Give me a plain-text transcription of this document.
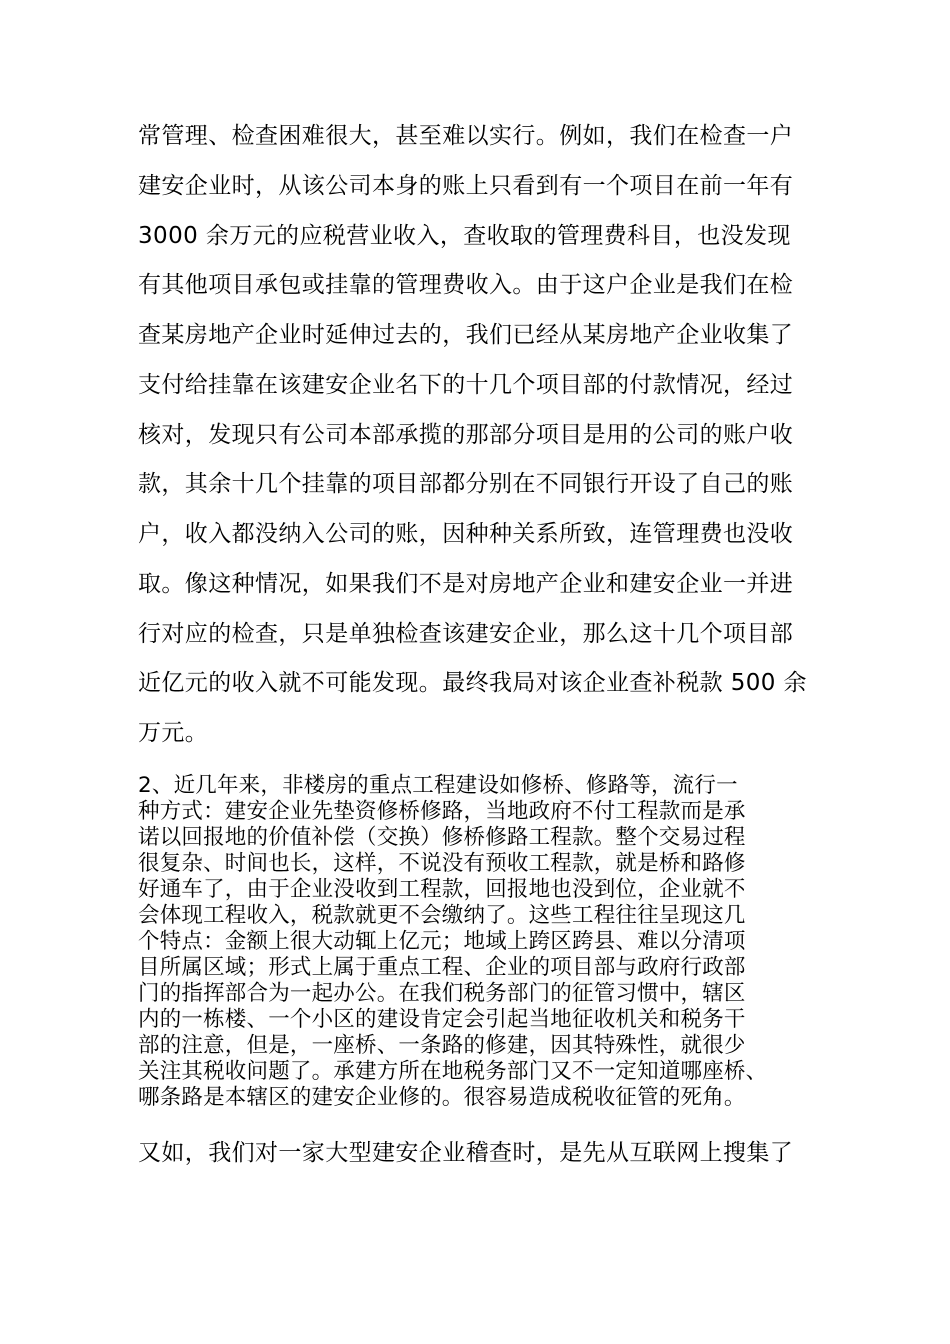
常管理、检查困难很大，甚至难以实行。例如，我们在检查一户
建安企业时，从该公司本身的账上只看到有一个项目在前一年有
3000 余万元的应税营业收入，查收取的管理费科目，也没发现
有其他项目承包或挂靠的管理费收入。由于这户企业是我们在检
查某房地产企业时延伸过去的，我们已经从某房地产企业收集了
支付给挂靠在该建安企业名下的十几个项目部的付款情况，经过
核对，发现只有公司本部承揽的那部分项目是用的公司的账户收
款，其余十几个挂靠的项目部都分别在不同银行开设了自己的账
户，收入都没纳入公司的账，因种种关系所致，连管理费也没收
取。像这种情况，如果我们不是对房地产企业和建安企业一并进
行对应的检查，只是单独检查该建安企业，那么这十几个项目部
近亿元的收入就不可能发现。最终我局对该企业查补税款 500 余
万元。
2、近几年来，非楼房的重点工程建设如修桥、修路等，流行一
种方式：建安企业先垫资修桥修路，当地政府不付工程款而是承
诺以回报地的价值补偿（交换）修桥修路工程款。整个交易过程
很复杂、时间也长，这样，不说没有预收工程款，就是桥和路修
好通车了，由于企业没收到工程款，回报地也没到位，企业就不
会体现工程收入，税款就更不会缴纳了。这些工程往往呈现这几
个特点：金额上很大动辄上亿元；地域上跨区跨县、难以分清项
目所属区域；形式上属于重点工程、企业的项目部与政府行政部
门的指挥部合为一起办公。在我们税务部门的征管习惯中，辖区
内的一栋楼、一个小区的建设肯定会引起当地征收机关和税务干
部的注意，但是，一座桥、一条路的修建，因其特殊性，就很少
关注其税收问题了。承建方所在地税务部门又不一定知道哪座桥、
哪条路是本辖区的建安企业修的。很容易造成税收征管的死角。
又如，我们对一家大型建安企业稽查时，是先从互联网上搜集了
